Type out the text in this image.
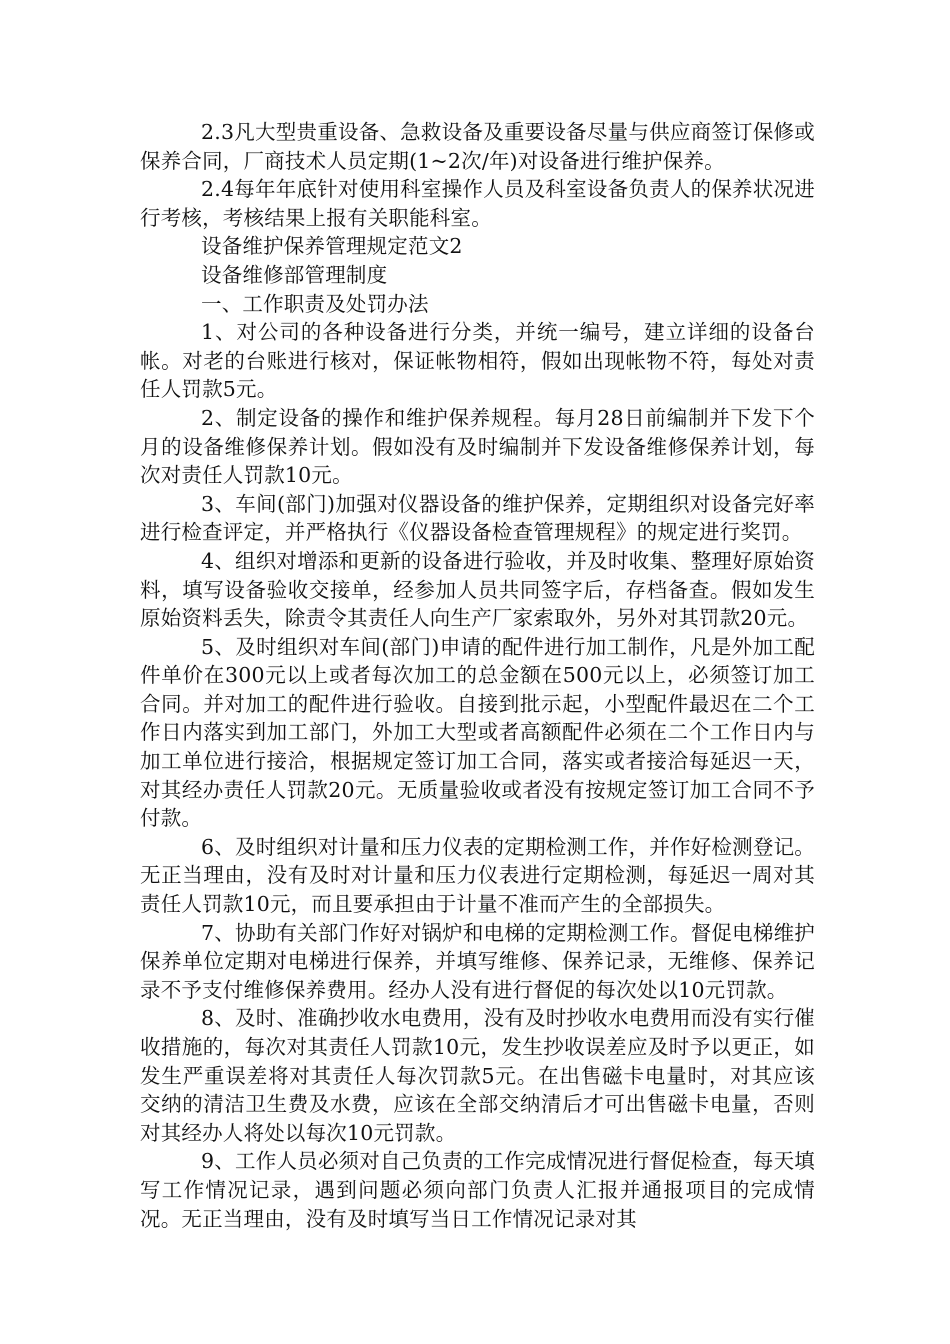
2.3凡大型贵重设备、急救设备及重要设备尽量与供应商签订保修或保养合同，厂商技术人员定期(1~2次/年)对设备进行维护保养。

2.4每年年底针对使用科室操作人员及科室设备负责人的保养状况进行考核，考核结果上报有关职能科室。

设备维护保养管理规定范文2

设备维修部管理制度

一、工作职责及处罚办法

1、对公司的各种设备进行分类，并统一编号，建立详细的设备台帐。对老的台账进行核对，保证帐物相符，假如出现帐物不符，每处对责任人罚款5元。

2、制定设备的操作和维护保养规程。每月28日前编制并下发下个月的设备维修保养计划。假如没有及时编制并下发设备维修保养计划，每次对责任人罚款10元。

3、车间(部门)加强对仪器设备的维护保养，定期组织对设备完好率进行检查评定，并严格执行《仪器设备检查管理规程》的规定进行奖罚。

4、组织对增添和更新的设备进行验收，并及时收集、整理好原始资料，填写设备验收交接单，经参加人员共同签字后，存档备查。假如发生原始资料丢失，除责令其责任人向生产厂家索取外，另外对其罚款20元。

5、及时组织对车间(部门)申请的配件进行加工制作，凡是外加工配件单价在300元以上或者每次加工的总金额在500元以上，必须签订加工合同。并对加工的配件进行验收。自接到批示起，小型配件最迟在二个工作日内落实到加工部门，外加工大型或者高额配件必须在二个工作日内与加工单位进行接洽，根据规定签订加工合同，落实或者接洽每延迟一天，对其经办责任人罚款20元。无质量验收或者没有按规定签订加工合同不予付款。

6、及时组织对计量和压力仪表的定期检测工作，并作好检测登记。无正当理由，没有及时对计量和压力仪表进行定期检测，每延迟一周对其责任人罚款10元，而且要承担由于计量不准而产生的全部损失。

7、协助有关部门作好对锅炉和电梯的定期检测工作。督促电梯维护保养单位定期对电梯进行保养，并填写维修、保养记录，无维修、保养记录不予支付维修保养费用。经办人没有进行督促的每次处以10元罚款。

8、及时、准确抄收水电费用，没有及时抄收水电费用而没有实行催收措施的，每次对其责任人罚款10元，发生抄收误差应及时予以更正，如发生严重误差将对其责任人每次罚款5元。在出售磁卡电量时，对其应该交纳的清洁卫生费及水费，应该在全部交纳清后才可出售磁卡电量，否则对其经办人将处以每次10元罚款。

9、工作人员必须对自己负责的工作完成情况进行督促检查，每天填写工作情况记录，遇到问题必须向部门负责人汇报并通报项目的完成情况。无正当理由，没有及时填写当日工作情况记录对其
